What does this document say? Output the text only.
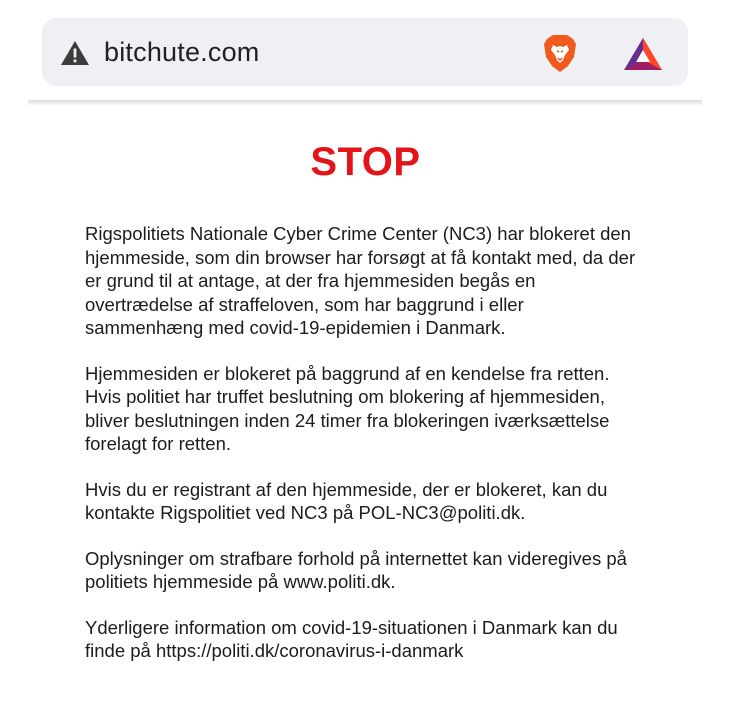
bitchute.com
STOP

Rigspolitiets Nationale Cyber Crime Center (NC3) har blokeret den hjemmeside, som din browser har forsøgt at få kontakt med, da der er grund til at antage, at der fra hjemmesiden begås en overtrædelse af straffeloven, som har baggrund i eller sammenhæng med covid-19-epidemien i Danmark.

Hjemmesiden er blokeret på baggrund af en kendelse fra retten. Hvis politiet har truffet beslutning om blokering af hjemmesiden, bliver beslutningen inden 24 timer fra blokeringen iværksættelse forelagt for retten.

Hvis du er registrant af den hjemmeside, der er blokeret, kan du kontakte Rigspolitiet ved NC3 på POL-NC3@politi.dk.

Oplysninger om strafbare forhold på internettet kan videregives på politiets hjemmeside på www.politi.dk.

Yderligere information om covid-19-situationen i Danmark kan du finde på https://politi.dk/coronavirus-i-danmark
